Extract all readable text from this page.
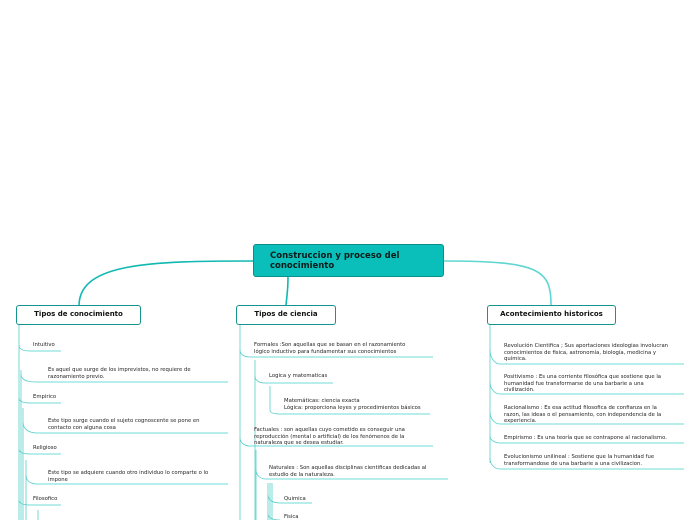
Construccion y proceso del conocimiento
Tipos de conocimiento	Tipos de ciencia	Acontecimiento historicos
Intuitivo
Es aquel que surge de los imprevistos, no requiere de
razonamiento previo.
Empirico
Este tipo surge cuando el sujeto cognoscente se pone en
contacto con alguna cosa
Religioso
Este tipo se adquiere cuando otro individuo lo comparte o lo
impone
Filosofico
Formales :Son aquellas que se basan en el razonamiento
lógico inductivo para fundamentar sus conocimientos
Logica y matematicas
Matemáticas: ciencia exacta
Lógica: proporciona leyes y procedimientos básicos
Factuales : son aquellas cuyo cometido es conseguir una
reproducción (mental o artificial) de los fenómenos de la
naturaleza que se desea estudiar.
Naturales : Son aquellas disciplinas cientificas dedicadas al
estudio de la naturaleza.
Quimica
Fisica
Revolución Cientifica ; Sus aportaciones ideologias involucran
conocimientos de fisica, astronomía, biología, medicina y
química.
Positivismo : Es una corriente filosófica que sostiene que la
humanidad fue transformarse de una barbarie a una
civilización.
Racionalismo : Es esa actitud filosofica de confianza en la
razon, las ideas o el pensamiento, con independencia de la
experiencia.
Empirismo : Es una teoría que se contrapone al racionalismo.
Evolucionismo unilineal : Sostiene que la humanidad fue
transformandose de una barbarie a una civilizacion.
